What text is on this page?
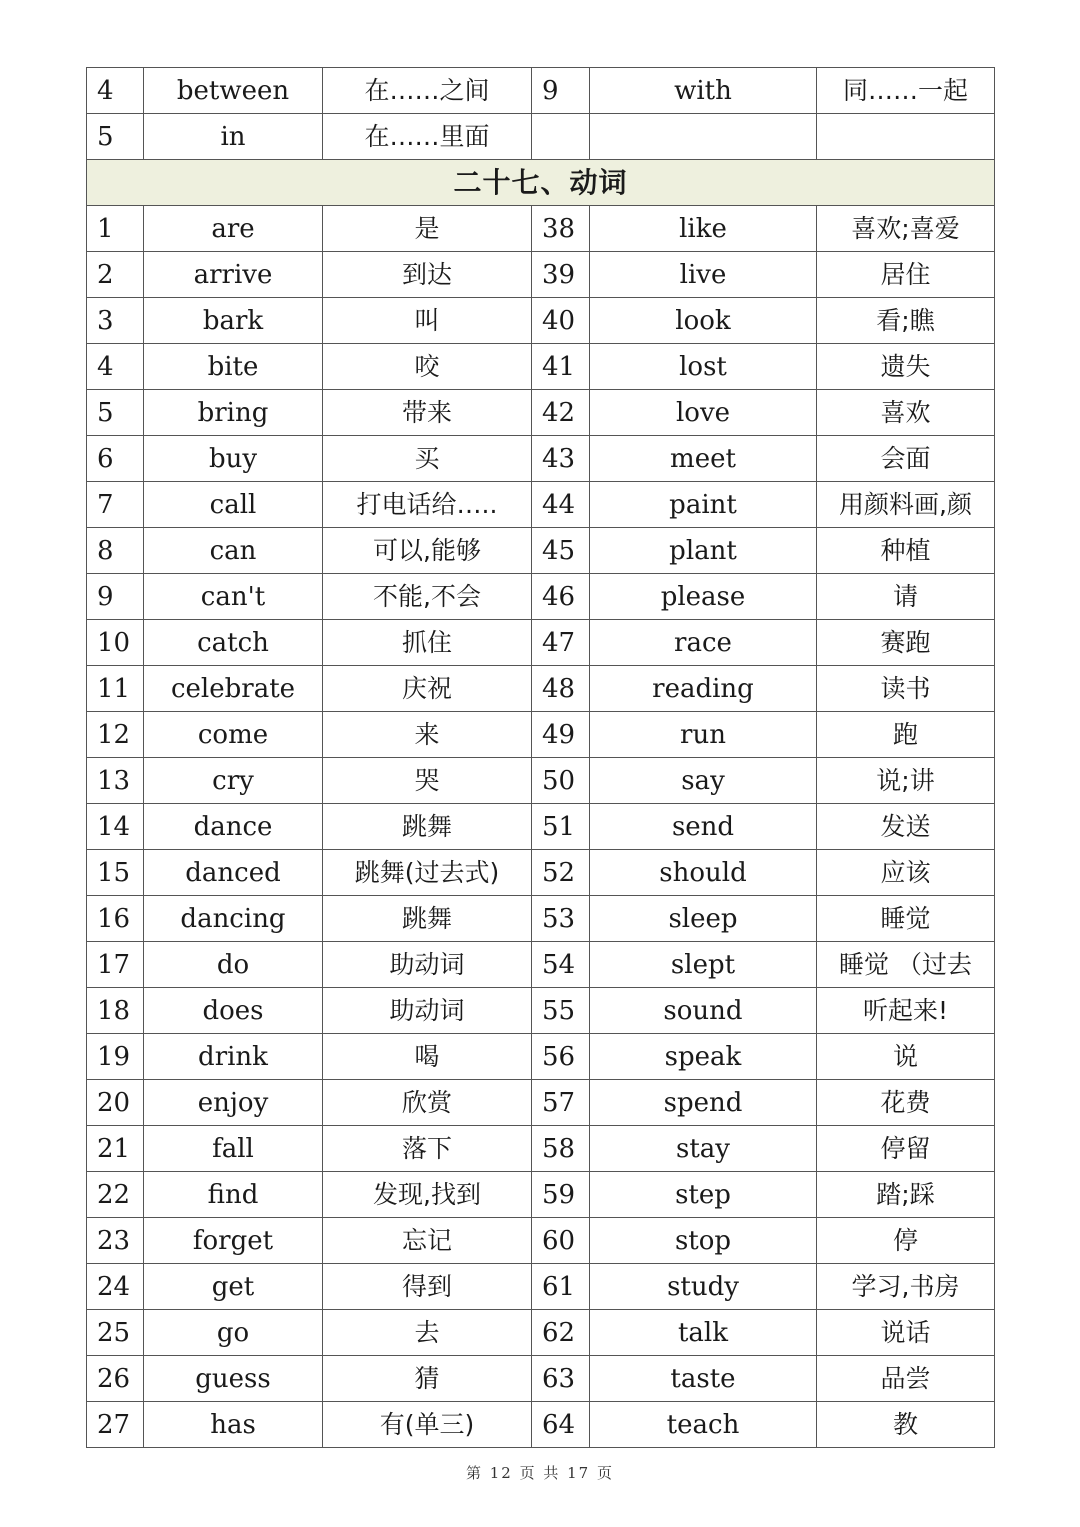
4	between	在……之间	9	with	同……一起
5	in	在……里面			
二十七、动词					
1	are	是	38	like	喜欢;喜爱
2	arrive	到达	39	live	居住
3	bark	叫	40	look	看;瞧
4	bite	咬	41	lost	遗失
5	bring	带来	42	love	喜欢
6	buy	买	43	meet	会面
7	call	打电话给…..	44	paint	用颜料画,颜
8	can	可以,能够	45	plant	种植
9	can't	不能,不会	46	please	请
10	catch	抓住	47	race	赛跑
11	celebrate	庆祝	48	reading	读书
12	come	来	49	run	跑
13	cry	哭	50	say	说;讲
14	dance	跳舞	51	send	发送
15	danced	跳舞(过去式)	52	should	应该
16	dancing	跳舞	53	sleep	睡觉
17	do	助动词	54	slept	睡觉 （过去
18	does	助动词	55	sound	听起来!
19	drink	喝	56	speak	说
20	enjoy	欣赏	57	spend	花费
21	fall	落下	58	stay	停留
22	find	发现,找到	59	step	踏;踩
23	forget	忘记	60	stop	停
24	get	得到	61	study	学习,书房
25	go	去	62	talk	说话
26	guess	猜	63	taste	品尝
27	has	有(单三)	64	teach	教
第 12 页 共 17 页
